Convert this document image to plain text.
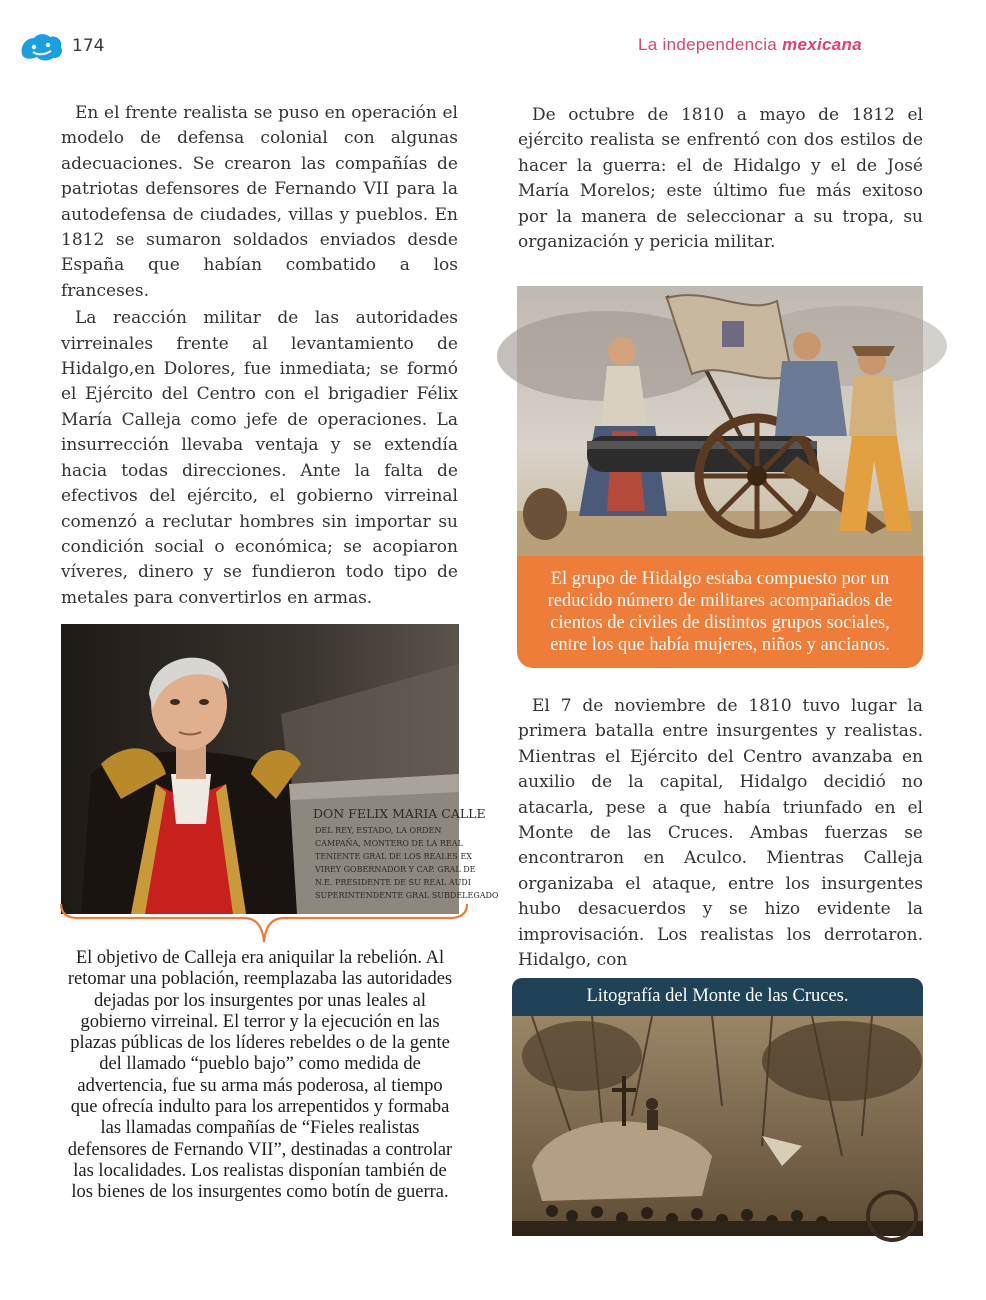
174	La independencia mexicana

En el frente realista se puso en operación el modelo de defensa colonial con algunas adecuaciones. Se crearon las compañías de patriotas defensores de Fernando VII para la autodefensa de ciudades, villas y pueblos. En 1812 se sumaron soldados enviados desde España que habían combatido a los franceses.

La reacción militar de las autoridades virreinales frente al levantamiento de Hidalgo,en Dolores, fue inmediata; se formó el Ejército del Centro con el brigadier Félix María Calleja como jefe de operaciones. La insurrección llevaba ventaja y se extendía hacia todas direcciones. Ante la falta de efectivos del ejército, el gobierno virreinal comenzó a reclutar hombres sin importar su condición social o económica; se acopiaron víveres, dinero y se fundieron todo tipo de metales para convertirlos en armas.

De octubre de 1810 a mayo de 1812 el ejército realista se enfrentó con dos estilos de hacer la guerra: el de Hidalgo y el de José María Morelos; este último fue más exitoso por la manera de seleccionar a su tropa, su organización y pericia militar.

El grupo de Hidalgo estaba compuesto por un reducido número de militares acompañados de cientos de civiles de distintos grupos sociales, entre los que había mujeres, niños y ancianos.

El 7 de noviembre de 1810 tuvo lugar la primera batalla entre insurgentes y realistas. Mientras el Ejército del Centro avanzaba en auxilio de la capital, Hidalgo decidió no atacarla, pese a que había triunfado en el Monte de las Cruces. Ambas fuerzas se encontraron en Aculco. Mientras Calleja organizaba el ataque, entre los insurgentes hubo desacuerdos y se hizo evidente la improvisación. Los realistas los derrotaron. Hidalgo, con

DON FELIX MARIA CALLE
DEL REY, ESTADO, LA ORDEN
CAMPAÑA, MONTERO DE LA REAL
TENIENTE GRAL DE LOS REALES EX
VIREY GOBERNADOR Y CAP. GRAL DE
N.E. PRESIDENTE DE SU REAL AUDI
SUPERINTENDENTE GRAL SUBDELEGADO
El objetivo de Calleja era aniquilar la rebelión. Al retomar una población, reemplazaba las autoridades dejadas por los insurgentes por unas leales al gobierno virreinal. El terror y la ejecución en las plazas públicas de los líderes rebeldes o de la gente del llamado “pueblo bajo” como medida de advertencia, fue su arma más poderosa, al tiempo que ofrecía indulto para los arrepentidos y formaba las llamadas compañías de “Fieles realistas defensores de Fernando VII”, destinadas a controlar las localidades. Los realistas disponían también de los bienes de los insurgentes como botín de guerra.
Litografía del Monte de las Cruces.
